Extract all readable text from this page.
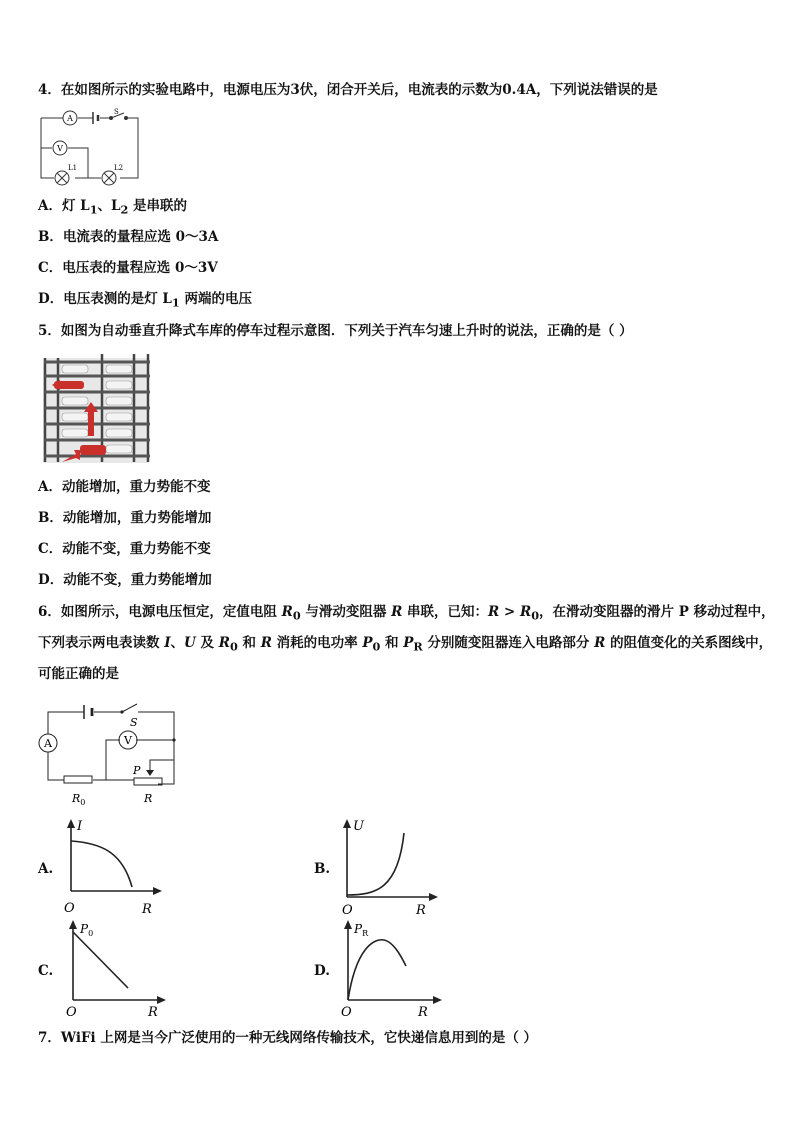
4．在如图所示的实验电路中，电源电压为3伏，闭合开关后，电流表的示数为0.4A，下列说法错误的是
A
V
S
L1	L2
A．灯 $L_1$、$L_2$ 是串联的
B．电流表的量程应选 0～3A
C．电压表的量程应选 0～3V
D．电压表测的是灯 $L_1$ 两端的电压
5．如图为自动垂直升降式车库的停车过程示意图．下列关于汽车匀速上升时的说法，正确的是（ ）
A．动能增加，重力势能不变
B．动能增加，重力势能增加
C．动能不变，重力势能不变
D．动能不变，重力势能增加
6．如图所示，电源电压恒定，定值电阻 $R_0$ 与滑动变阻器 R 串联，已知：$R > R_0$，在滑动变阻器的滑片 P 移动过程中，
下列表示两电表读数 I、U 及 $R_0$ 和 R 消耗的电功率 $P_0$ 和 $P_R$ 分别随变阻器连入电路部分 R 的阻值变化的关系图线中，
可能正确的是
A	V
S
P
$R_0$	R
A.
I
O	R
B.
U
O	R
C.
$P_0$
O	R
D.
$P_R$
O	R
7．WiFi 上网是当今广泛使用的一种无线网络传输技术，它快递信息用到的是（ ）
